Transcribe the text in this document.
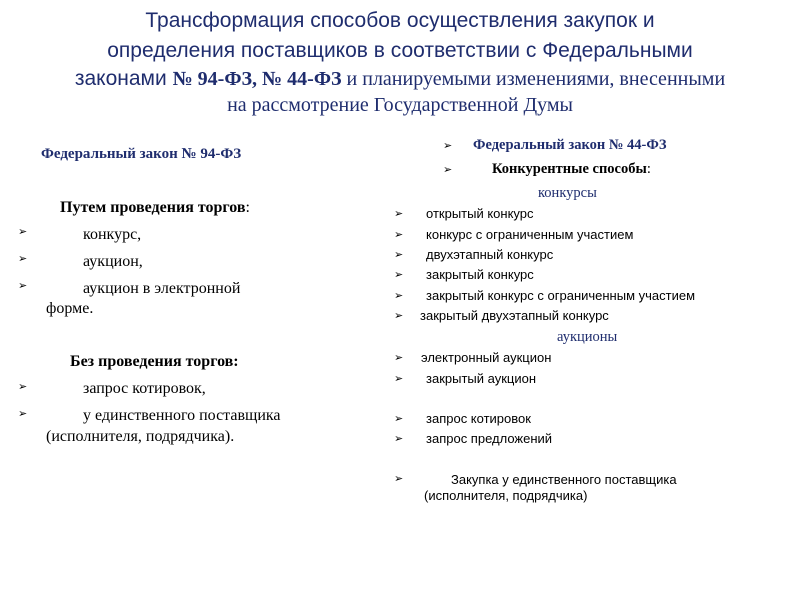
Трансформация способов осуществления закупок и
определения поставщиков в соответствии с Федеральными
законами № 94-ФЗ, № 44-ФЗ и планируемыми изменениями, внесенными
на рассмотрение Государственной Думы
Федеральный закон № 94-ФЗ
Путем проведения торгов:
➢	конкурс,
➢	аукцион,
➢	аукцион в электронной
форме.
Без проведения торгов:
➢	запрос котировок,
➢	у единственного поставщика
(исполнителя, подрядчика).
➢ Федеральный закон № 44-ФЗ
➢	Конкурентные способы:
конкурсы
➢ открытый конкурс
➢ конкурс с ограниченным участием
➢ двухэтапный конкурс
➢ закрытый конкурс
➢ закрытый конкурс с ограниченным участием
➢ закрытый двухэтапный конкурс
аукционы
➢ электронный аукцион
➢ закрытый аукцион
➢ запрос котировок
➢ запрос предложений
➢	Закупка у единственного поставщика
(исполнителя, подрядчика)
